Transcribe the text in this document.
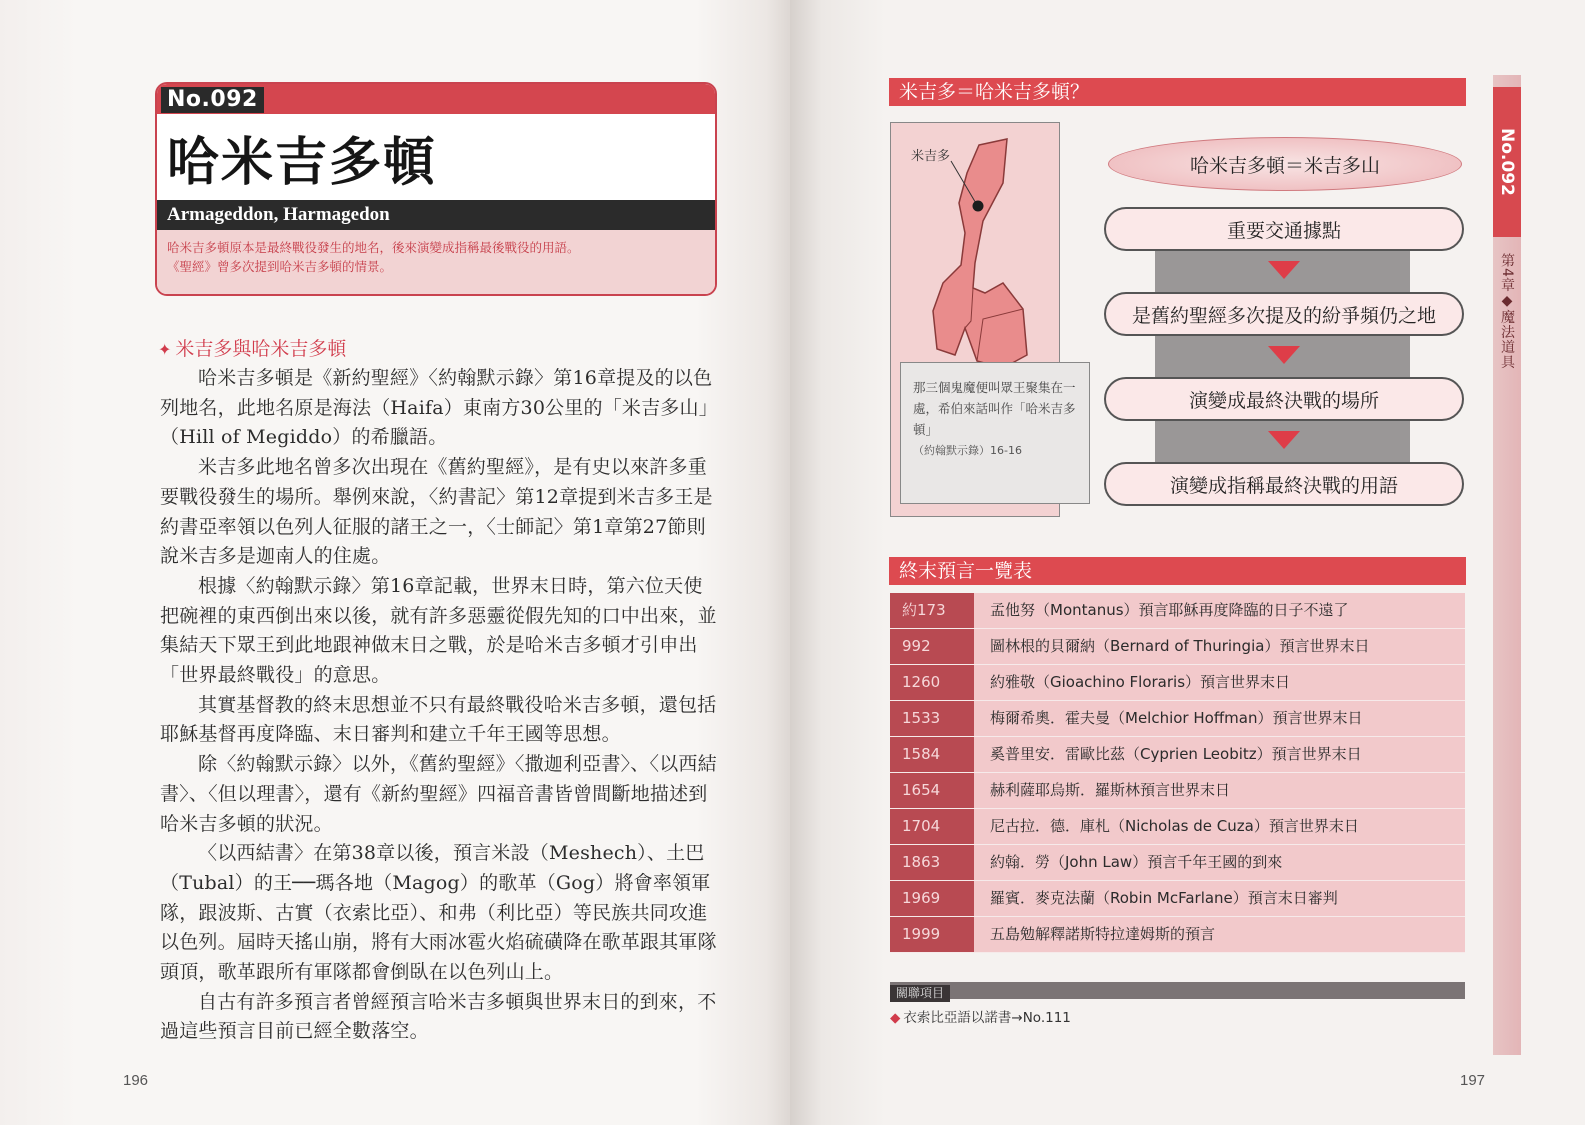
No.092
哈米吉多頓
Armageddon, Harmagedon
哈米吉多頓原本是最終戰役發生的地名，後來演變成指稱最後戰役的用語。
《聖經》曾多次提到哈米吉多頓的情景。
✦ 米吉多與哈米吉多頓

哈米吉多頓是《新約聖經》〈約翰默示錄〉第16章提及的以色列地名，此地名原是海法（Haifa）東南方30公里的「米吉多山」（Hill of Megiddo）的希臘語。

米吉多此地名曾多次出現在《舊約聖經》，是有史以來許多重要戰役發生的場所。舉例來說，〈約書記〉第12章提到米吉多王是約書亞率領以色列人征服的諸王之一，〈士師記〉第1章第27節則說米吉多是迦南人的住處。

根據〈約翰默示錄〉第16章記載，世界末日時，第六位天使把碗裡的東西倒出來以後，就有許多惡靈從假先知的口中出來，並集結天下眾王到此地跟神做末日之戰，於是哈米吉多頓才引申出「世界最終戰役」的意思。

其實基督教的終末思想並不只有最終戰役哈米吉多頓，還包括耶穌基督再度降臨、末日審判和建立千年王國等思想。

除〈約翰默示錄〉以外，《舊約聖經》〈撒迦利亞書〉、〈以西結書〉、〈但以理書〉，還有《新約聖經》四福音書皆曾間斷地描述到哈米吉多頓的狀況。

〈以西結書〉在第38章以後，預言米設（Meshech）、土巴（Tubal）的王──瑪各地（Magog）的歌革（Gog）將會率領軍隊，跟波斯、古實（衣索比亞）、和弗（利比亞）等民族共同攻進以色列。屆時天搖山崩，將有大雨冰雹火焰硫磺降在歌革跟其軍隊頭頂，歌革跟所有軍隊都會倒臥在以色列山上。

自古有許多預言者曾經預言哈米吉多頓與世界末日的到來，不過這些預言目前已經全數落空。

196
No.092
第4章◆魔法道具
米吉多＝哈米吉多頓？
米吉多
那三個鬼魔便叫眾王聚集在一處，希伯來話叫作「哈米吉多頓」
（約翰默示錄）16-16
哈米吉多頓＝米吉多山
重要交通據點
是舊約聖經多次提及的紛爭頻仍之地
演變成最終決戰的場所
演變成指稱最終決戰的用語
終末預言一覽表
約173	孟他努（Montanus）預言耶穌再度降臨的日子不遠了
992	圖林根的貝爾納（Bernard of Thuringia）預言世界末日
1260	約雅敬（Gioachino Floraris）預言世界末日
1533	梅爾希奧．霍夫曼（Melchior Hoffman）預言世界末日
1584	奚普里安．雷歐比茲（Cyprien Leobitz）預言世界末日
1654	赫利薩耶烏斯．羅斯林預言世界末日
1704	尼古拉．德．庫札（Nicholas de Cuza）預言世界末日
1863	約翰．勞（John Law）預言千年王國的到來
1969	羅賓．麥克法蘭（Robin McFarlane）預言末日審判
1999	五島勉解釋諾斯特拉達姆斯的預言
關聯項目
◆ 衣索比亞語以諾書→No.111
197
